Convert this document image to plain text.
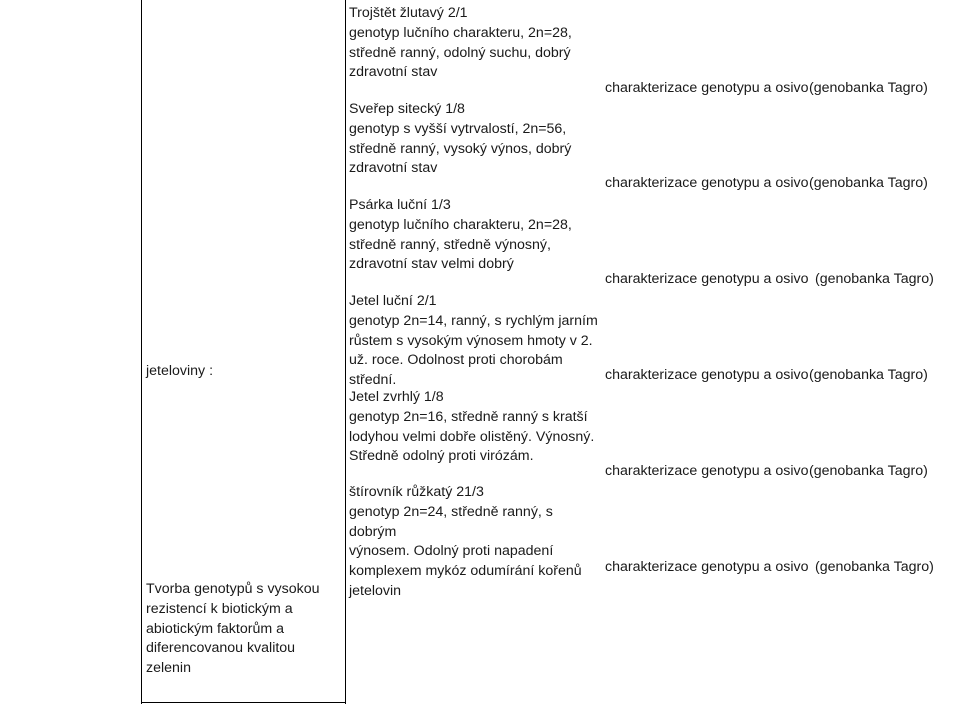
jeteloviny :
Tvorba genotypů s vysokou
rezistencí k biotickým a
abiotickým faktorům a
diferencovanou kvalitou
zelenin
Trojštět žlutavý 2/1
genotyp lučního charakteru, 2n=28,
středně ranný, odolný suchu, dobrý
zdravotní stav
Sveřep sitecký 1/8
genotyp s vyšší vytrvalostí, 2n=56,
středně ranný, vysoký výnos, dobrý
zdravotní stav
Psárka luční 1/3
genotyp lučního charakteru, 2n=28,
středně ranný, středně výnosný,
zdravotní stav velmi dobrý
Jetel luční 2/1
genotyp 2n=14, ranný, s rychlým jarním
růstem s vysokým výnosem hmoty v 2.
už. roce. Odolnost proti chorobám
střední.
Jetel zvrhlý 1/8
genotyp 2n=16, středně ranný s kratší
lodyhou velmi dobře olistěný. Výnosný.
Středně odolný proti virózám.
štírovník růžkatý 21/3
genotyp 2n=24, středně ranný, s dobrým
výnosem. Odolný proti napadení
komplexem mykóz odumírání kořenů
jetelovin
charakterizace genotypu a osivo (genobanka Tagro)
charakterizace genotypu a osivo (genobanka Tagro)
charakterizace genotypu a osivo (genobanka Tagro)
charakterizace genotypu a osivo (genobanka Tagro)
charakterizace genotypu a osivo (genobanka Tagro)
charakterizace genotypu a osivo (genobanka Tagro)
